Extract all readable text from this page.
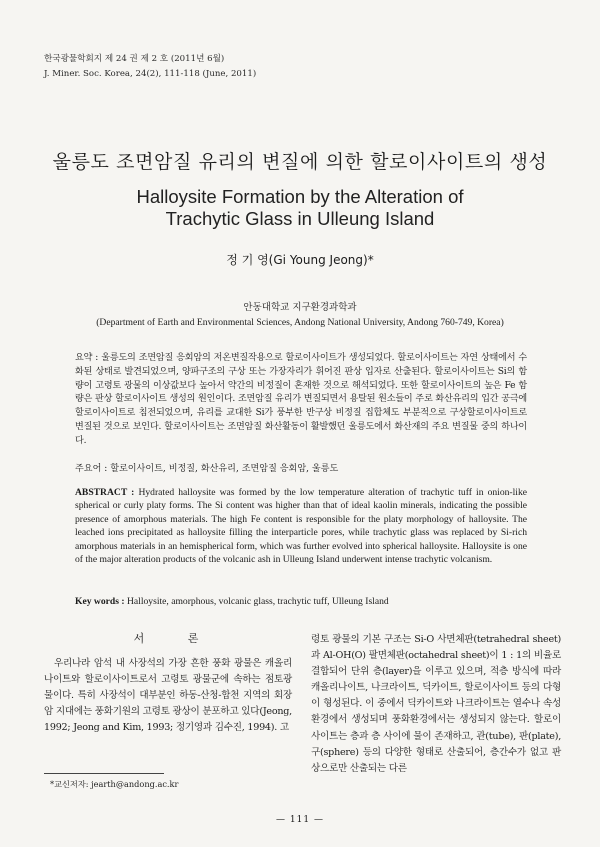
한국광물학회지 제 24 권 제 2 호 (2011년 6월)
J. Miner. Soc. Korea, 24(2), 111-118 (June, 2011)
울릉도 조면암질 유리의 변질에 의한 할로이사이트의 생성
Halloysite Formation by the Alteration of
Trachytic Glass in Ulleung Island
정 기 영(Gi Young Jeong)*
안동대학교 지구환경과학과
(Department of Earth and Environmental Sciences, Andong National University, Andong 760-749, Korea)
요약 : 울릉도의 조면암질 응회암의 저온변질작용으로 할로이사이트가 생성되었다. 할로이사이트는 자연 상태에서 수화된 상태로 발견되었으며, 양파구조의 구상 또는 가장자리가 휘어진 판상 입자로 산출된다. 할로이사이트는 Si의 함량이 고령토 광물의 이상값보다 높아서 약간의 비정질이 혼재한 것으로 해석되었다. 또한 할로이사이트의 높은 Fe 함량은 판상 할로이사이트 생성의 원인이다. 조면암질 유리가 변질되면서 용탈된 원소들이 주로 화산유리의 입간 공극에 할로이사이트로 침전되었으며, 유리를 교대한 Si가 풍부한 반구상 비정질 집합체도 부분적으로 구상할로이사이트로 변질된 것으로 보인다. 할로이사이트는 조면암질 화산활동이 활발했던 울릉도에서 화산재의 주요 변질물 중의 하나이다.
주요어 : 할로이사이트, 비정질, 화산유리, 조면암질 응회암, 울릉도
ABSTRACT : Hydrated halloysite was formed by the low temperature alteration of trachytic tuff in onion-like spherical or curly platy forms. The Si content was higher than that of ideal kaolin minerals, indicating the possible presence of amorphous materials. The high Fe content is responsible for the platy morphology of halloysite. The leached ions precipitated as halloysite filling the interparticle pores, while trachytic glass was replaced by Si-rich amorphous materials in an hemispherical form, which was further evolved into spherical halloysite. Halloysite is one of the major alteration products of the volcanic ash in Ulleung Island underwent intense trachytic volcanism.
Key words : Halloysite, amorphous, volcanic glass, trachytic tuff, Ulleung Island
서 론

우리나라 암석 내 사장석의 가장 흔한 풍화 광물은 캐올리나이트와 할로이사이트로서 고령토 광물군에 속하는 점토광물이다. 특히 사장석이 대부분인 하동-산청-합천 지역의 회장암 지대에는 풍화기원의 고령토 광상이 분포하고 있다(Jeong, 1992; Jeong and Kim, 1993; 정기영과 김수진, 1994). 고

령토 광물의 기본 구조는 Si-O 사면체판(tetrahedral sheet)과 Al-OH(O) 팔면체판(octahedral sheet)이 1 : 1의 비율로 결합되어 단위 층(layer)을 이루고 있으며, 적층 방식에 따라 캐올리나이트, 나크라이트, 딕카이트, 할로이사이트 등의 다형이 형성된다. 이 중에서 딕카이트와 나크라이트는 열수나 속성환경에서 생성되며 풍화환경에서는 생성되지 않는다. 할로이사이트는 층과 층 사이에 물이 존재하고, 관(tube), 판(plate), 구(sphere) 등의 다양한 형태로 산출되어, 층간수가 없고 판상으로만 산출되는 다른

*교신저자: jearth@andong.ac.kr
— 111 —
